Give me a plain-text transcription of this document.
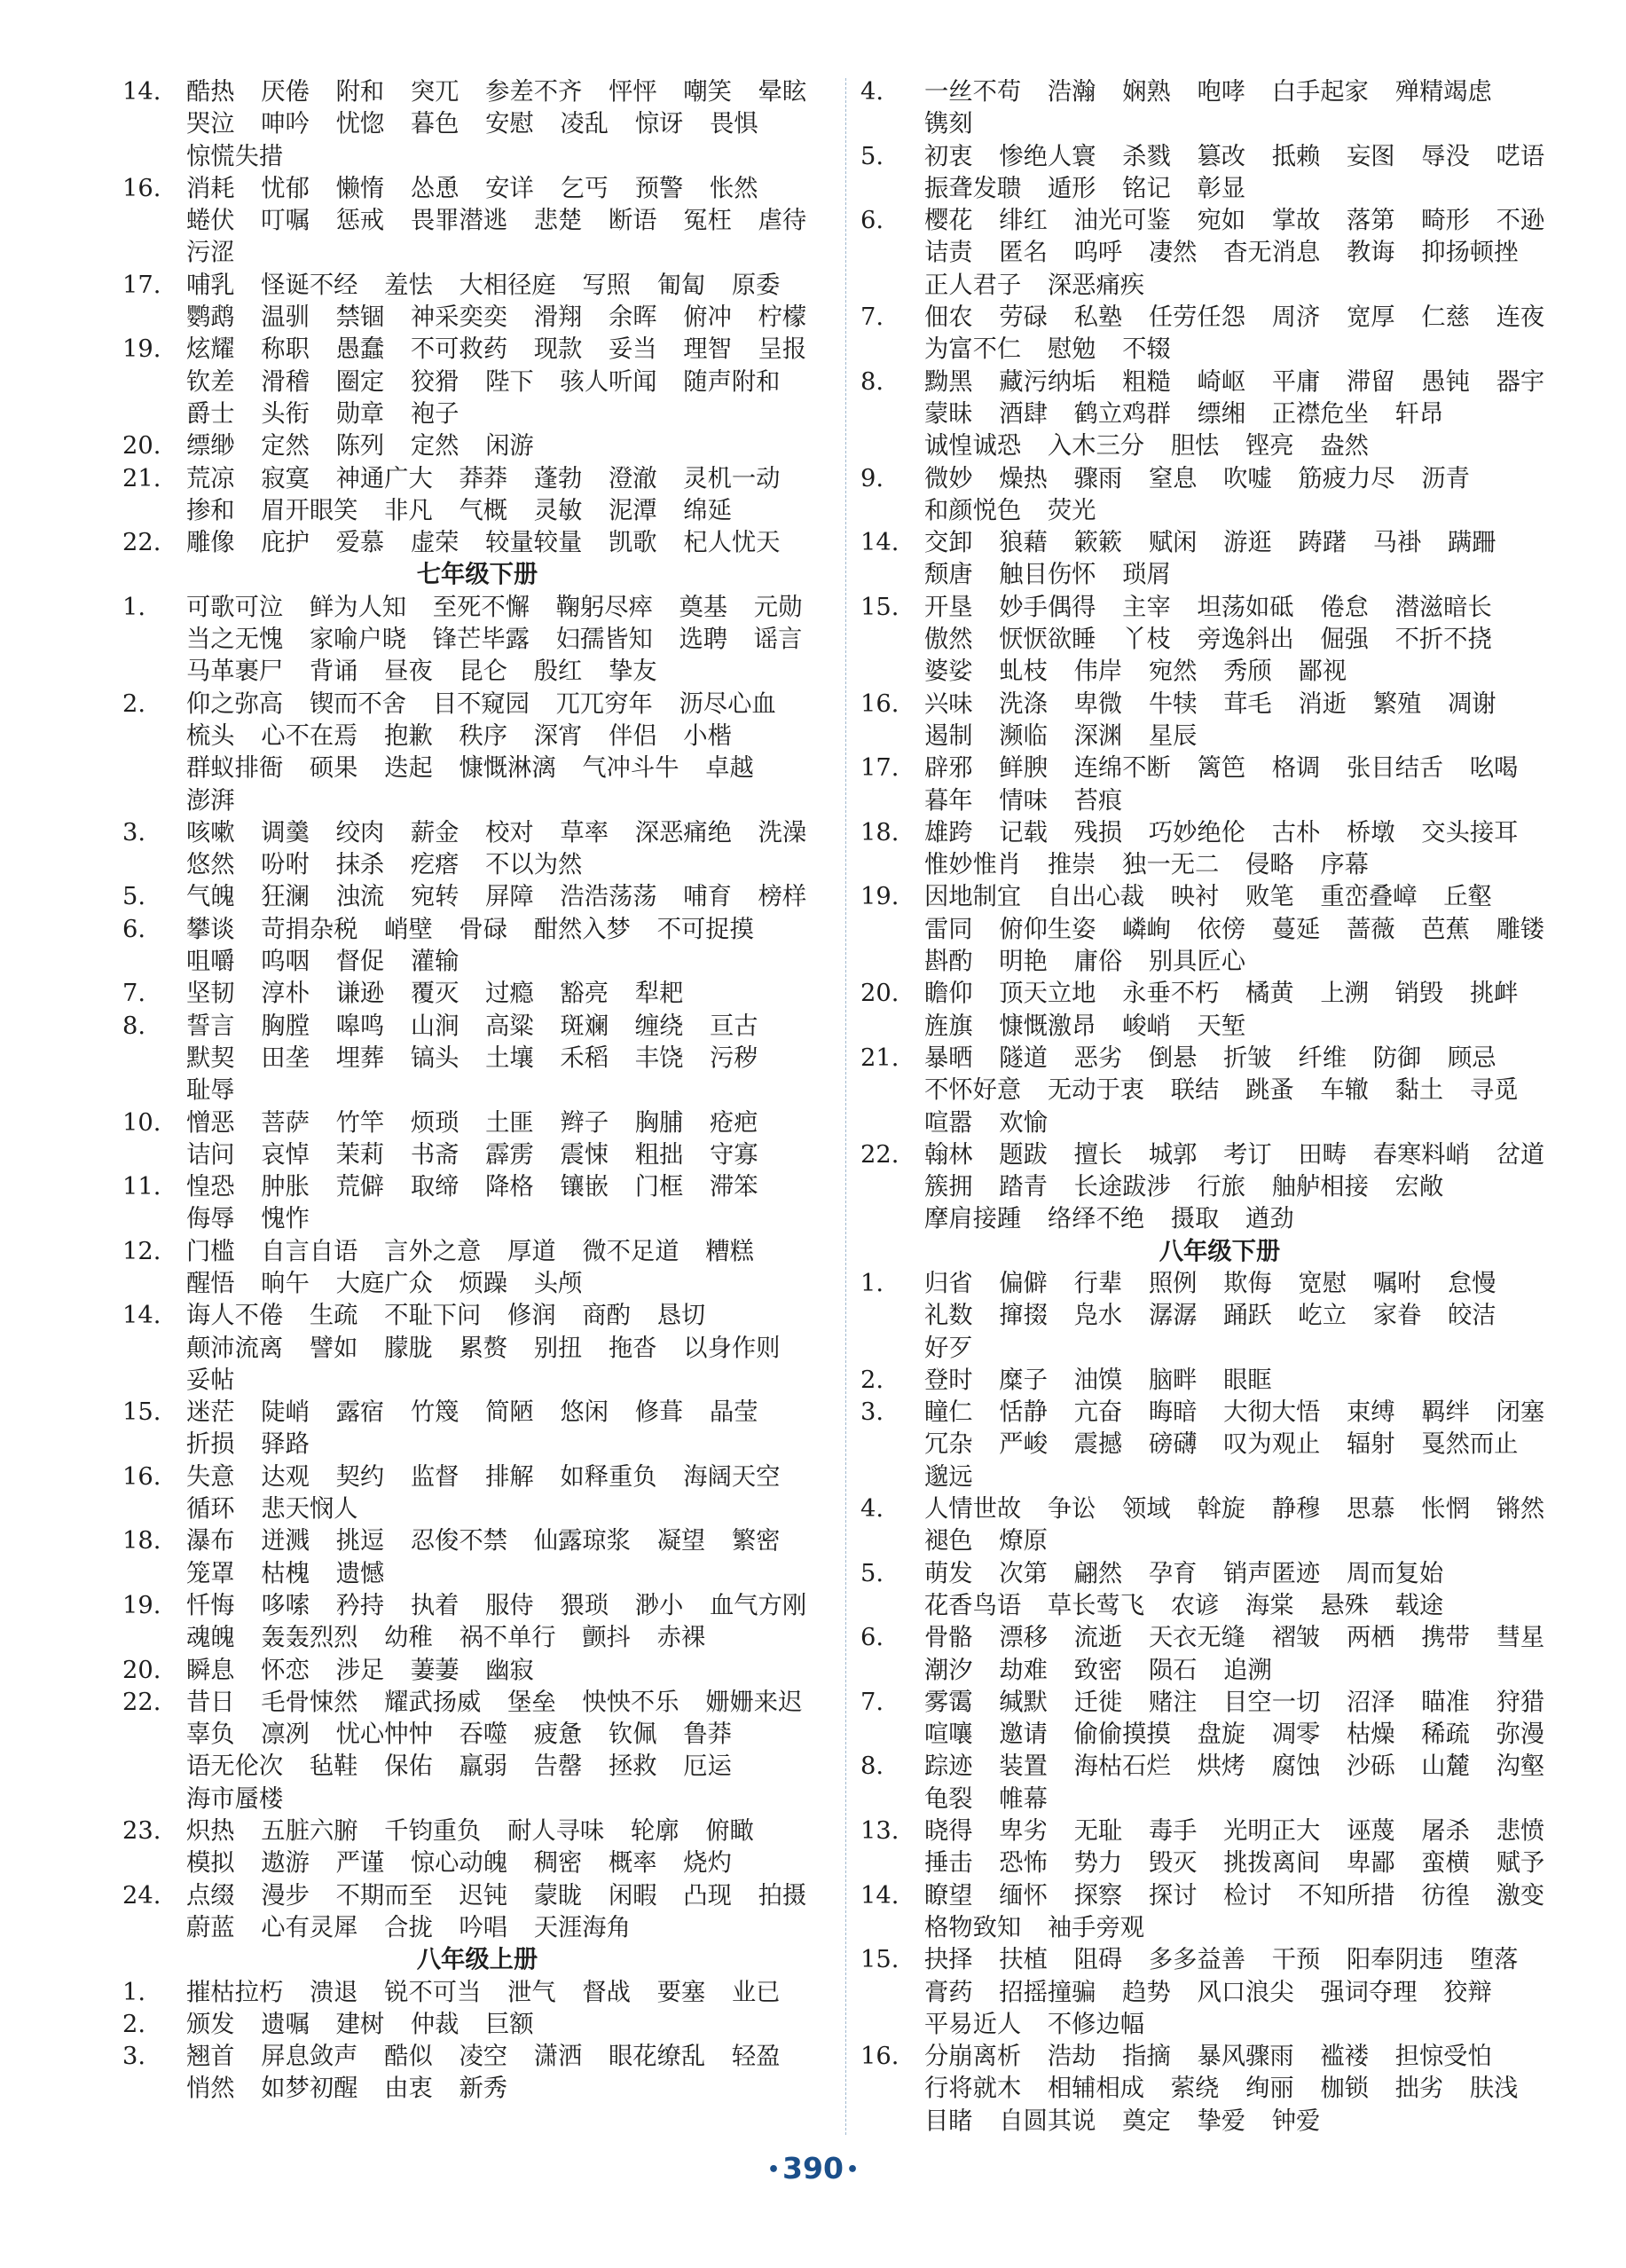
14.	酷热 厌倦 附和 突兀 参差不齐 怦怦 嘲笑 晕眩 哭泣 呻吟 忧惚 暮色 安慰 凌乱 惊讶 畏惧 惊慌失措
16.	消耗 忧郁 懒惰 怂恿 安详 乞丐 预警 怅然 蜷伏 叮嘱 惩戒 畏罪潜逃 悲楚 断语 冤枉 虐待 污涩
17.	哺乳 怪诞不经 羞怯 大相径庭 写照 匍匐 原委 鹦鹉 温驯 禁锢 神采奕奕 滑翔 余晖 俯冲 柠檬
19.	炫耀 称职 愚蠢 不可救药 现款 妥当 理智 呈报 钦差 滑稽 圈定 狡猾 陛下 骇人听闻 随声附和 爵士 头衔 勋章 袍子
20.	缥缈 定然 陈列 定然 闲游
21.	荒凉 寂寞 神通广大 莽莽 蓬勃 澄澈 灵机一动 掺和 眉开眼笑 非凡 气概 灵敏 泥潭 绵延
22.	雕像 庇护 爱慕 虚荣 较量较量 凯歌 杞人忧天
七年级下册
1.	可歌可泣 鲜为人知 至死不懈 鞠躬尽瘁 奠基 元勋 当之无愧 家喻户晓 锋芒毕露 妇孺皆知 选聘 谣言 马革裹尸 背诵 昼夜 昆仑 殷红 挚友
2.	仰之弥高 锲而不舍 目不窥园 兀兀穷年 沥尽心血 梳头 心不在焉 抱歉 秩序 深宵 伴侣 小楷 群蚁排衙 硕果 迭起 慷慨淋漓 气冲斗牛 卓越 澎湃
3.	咳嗽 调羹 绞肉 薪金 校对 草率 深恶痛绝 洗澡 悠然 吩咐 抹杀 疙瘩 不以为然
5.	气魄 狂澜 浊流 宛转 屏障 浩浩荡荡 哺育 榜样
6.	攀谈 苛捐杂税 峭壁 骨碌 酣然入梦 不可捉摸 咀嚼 呜咽 督促 灌输
7.	坚韧 淳朴 谦逊 覆灭 过瘾 豁亮 犁耙
8.	誓言 胸膛 嗥鸣 山涧 高粱 斑斓 缠绕 亘古 默契 田垄 埋葬 镐头 土壤 禾稻 丰饶 污秽 耻辱
10.	憎恶 菩萨 竹竿 烦琐 土匪 辫子 胸脯 疮疤 诘问 哀悼 茉莉 书斋 霹雳 震悚 粗拙 守寡
11.	惶恐 肿胀 荒僻 取缔 降格 镶嵌 门框 滞笨 侮辱 愧怍
12.	门槛 自言自语 言外之意 厚道 微不足道 糟糕 醒悟 晌午 大庭广众 烦躁 头颅
14.	诲人不倦 生疏 不耻下问 修润 商酌 恳切 颠沛流离 譬如 朦胧 累赘 别扭 拖沓 以身作则 妥帖
15.	迷茫 陡峭 露宿 竹篾 简陋 悠闲 修葺 晶莹 折损 驿路
16.	失意 达观 契约 监督 排解 如释重负 海阔天空 循环 悲天悯人
18.	瀑布 迸溅 挑逗 忍俊不禁 仙露琼浆 凝望 繁密 笼罩 枯槐 遗憾
19.	忏悔 哆嗦 矜持 执着 服侍 猥琐 渺小 血气方刚 魂魄 轰轰烈烈 幼稚 祸不单行 颤抖 赤裸
20.	瞬息 怀恋 涉足 萋萋 幽寂
22.	昔日 毛骨悚然 耀武扬威 堡垒 怏怏不乐 姗姗来迟 辜负 凛冽 忧心忡忡 吞噬 疲惫 钦佩 鲁莽 语无伦次 毡鞋 保佑 羸弱 告罄 拯救 厄运 海市蜃楼
23.	炽热 五脏六腑 千钧重负 耐人寻味 轮廓 俯瞰 模拟 遨游 严谨 惊心动魄 稠密 概率 烧灼
24.	点缀 漫步 不期而至 迟钝 蒙眬 闲暇 凸现 拍摄 蔚蓝 心有灵犀 合拢 吟唱 天涯海角
八年级上册
1.	摧枯拉朽 溃退 锐不可当 泄气 督战 要塞 业已
2.	颁发 遗嘱 建树 仲裁 巨额
3.	翘首 屏息敛声 酷似 凌空 潇洒 眼花缭乱 轻盈 悄然 如梦初醒 由衷 新秀
4.	一丝不苟 浩瀚 娴熟 咆哮 白手起家 殚精竭虑 镌刻
5.	初衷 惨绝人寰 杀戮 篡改 抵赖 妄图 辱没 呓语 振聋发聩 遁形 铭记 彰显
6.	樱花 绯红 油光可鉴 宛如 掌故 落第 畸形 不逊 诘责 匿名 呜呼 凄然 杳无消息 教诲 抑扬顿挫 正人君子 深恶痛疾
7.	佃农 劳碌 私塾 任劳任怨 周济 宽厚 仁慈 连夜 为富不仁 慰勉 不辍
8.	黝黑 藏污纳垢 粗糙 崎岖 平庸 滞留 愚钝 器宇 蒙昧 酒肆 鹤立鸡群 缥缃 正襟危坐 轩昂 诚惶诚恐 入木三分 胆怯 铿亮 盎然
9.	微妙 燥热 骤雨 窒息 吹嘘 筋疲力尽 沥青 和颜悦色 荧光
14.	交卸 狼藉 簌簌 赋闲 游逛 踌躇 马褂 蹒跚 颓唐 触目伤怀 琐屑
15.	开垦 妙手偶得 主宰 坦荡如砥 倦怠 潜滋暗长 傲然 恹恹欲睡 丫枝 旁逸斜出 倔强 不折不挠 婆娑 虬枝 伟岸 宛然 秀颀 鄙视
16.	兴味 洗涤 卑微 牛犊 茸毛 消逝 繁殖 凋谢 遏制 濒临 深渊 星辰
17.	辟邪 鲜腴 连绵不断 篱笆 格调 张目结舌 吆喝 暮年 情味 苔痕
18.	雄跨 记载 残损 巧妙绝伦 古朴 桥墩 交头接耳 惟妙惟肖 推崇 独一无二 侵略 序幕
19.	因地制宜 自出心裁 映衬 败笔 重峦叠嶂 丘壑 雷同 俯仰生姿 嶙峋 依傍 蔓延 蔷薇 芭蕉 雕镂 斟酌 明艳 庸俗 别具匠心
20.	瞻仰 顶天立地 永垂不朽 橘黄 上溯 销毁 挑衅 旌旗 慷慨激昂 峻峭 天堑
21.	暴晒 隧道 恶劣 倒悬 折皱 纤维 防御 顾忌 不怀好意 无动于衷 联结 跳蚤 车辙 黏土 寻觅 喧嚣 欢愉
22.	翰林 题跋 擅长 城郭 考订 田畴 春寒料峭 岔道 簇拥 踏青 长途跋涉 行旅 舳舻相接 宏敞 摩肩接踵 络绎不绝 摄取 遒劲
八年级下册
1.	归省 偏僻 行辈 照例 欺侮 宽慰 嘱咐 怠慢 礼数 撺掇 凫水 潺潺 踊跃 屹立 家眷 皎洁 好歹
2.	登时 糜子 油馍 脑畔 眼眶
3.	瞳仁 恬静 亢奋 晦暗 大彻大悟 束缚 羁绊 闭塞 冗杂 严峻 震撼 磅礴 叹为观止 辐射 戛然而止 邈远
4.	人情世故 争讼 领域 斡旋 静穆 思慕 怅惘 锵然 褪色 燎原
5.	萌发 次第 翩然 孕育 销声匿迹 周而复始 花香鸟语 草长莺飞 农谚 海棠 悬殊 载途
6.	骨骼 漂移 流逝 天衣无缝 褶皱 两栖 携带 彗星 潮汐 劫难 致密 陨石 追溯
7.	雾霭 缄默 迁徙 赌注 目空一切 沼泽 瞄准 狩猎 喧嚷 邀请 偷偷摸摸 盘旋 凋零 枯燥 稀疏 弥漫
8.	踪迹 装置 海枯石烂 烘烤 腐蚀 沙砾 山麓 沟壑 龟裂 帷幕
13.	晓得 卑劣 无耻 毒手 光明正大 诬蔑 屠杀 悲愤 捶击 恐怖 势力 毁灭 挑拨离间 卑鄙 蛮横 赋予
14.	瞭望 缅怀 探察 探讨 检讨 不知所措 彷徨 激变 格物致知 袖手旁观
15.	抉择 扶植 阻碍 多多益善 干预 阳奉阴违 堕落 膏药 招摇撞骗 趋势 风口浪尖 强词夺理 狡辩 平易近人 不修边幅
16.	分崩离析 浩劫 指摘 暴风骤雨 褴褛 担惊受怕 行将就木 相辅相成 萦绕 绚丽 枷锁 拙劣 肤浅 目睹 自圆其说 奠定 挚爱 钟爱
•390 •
